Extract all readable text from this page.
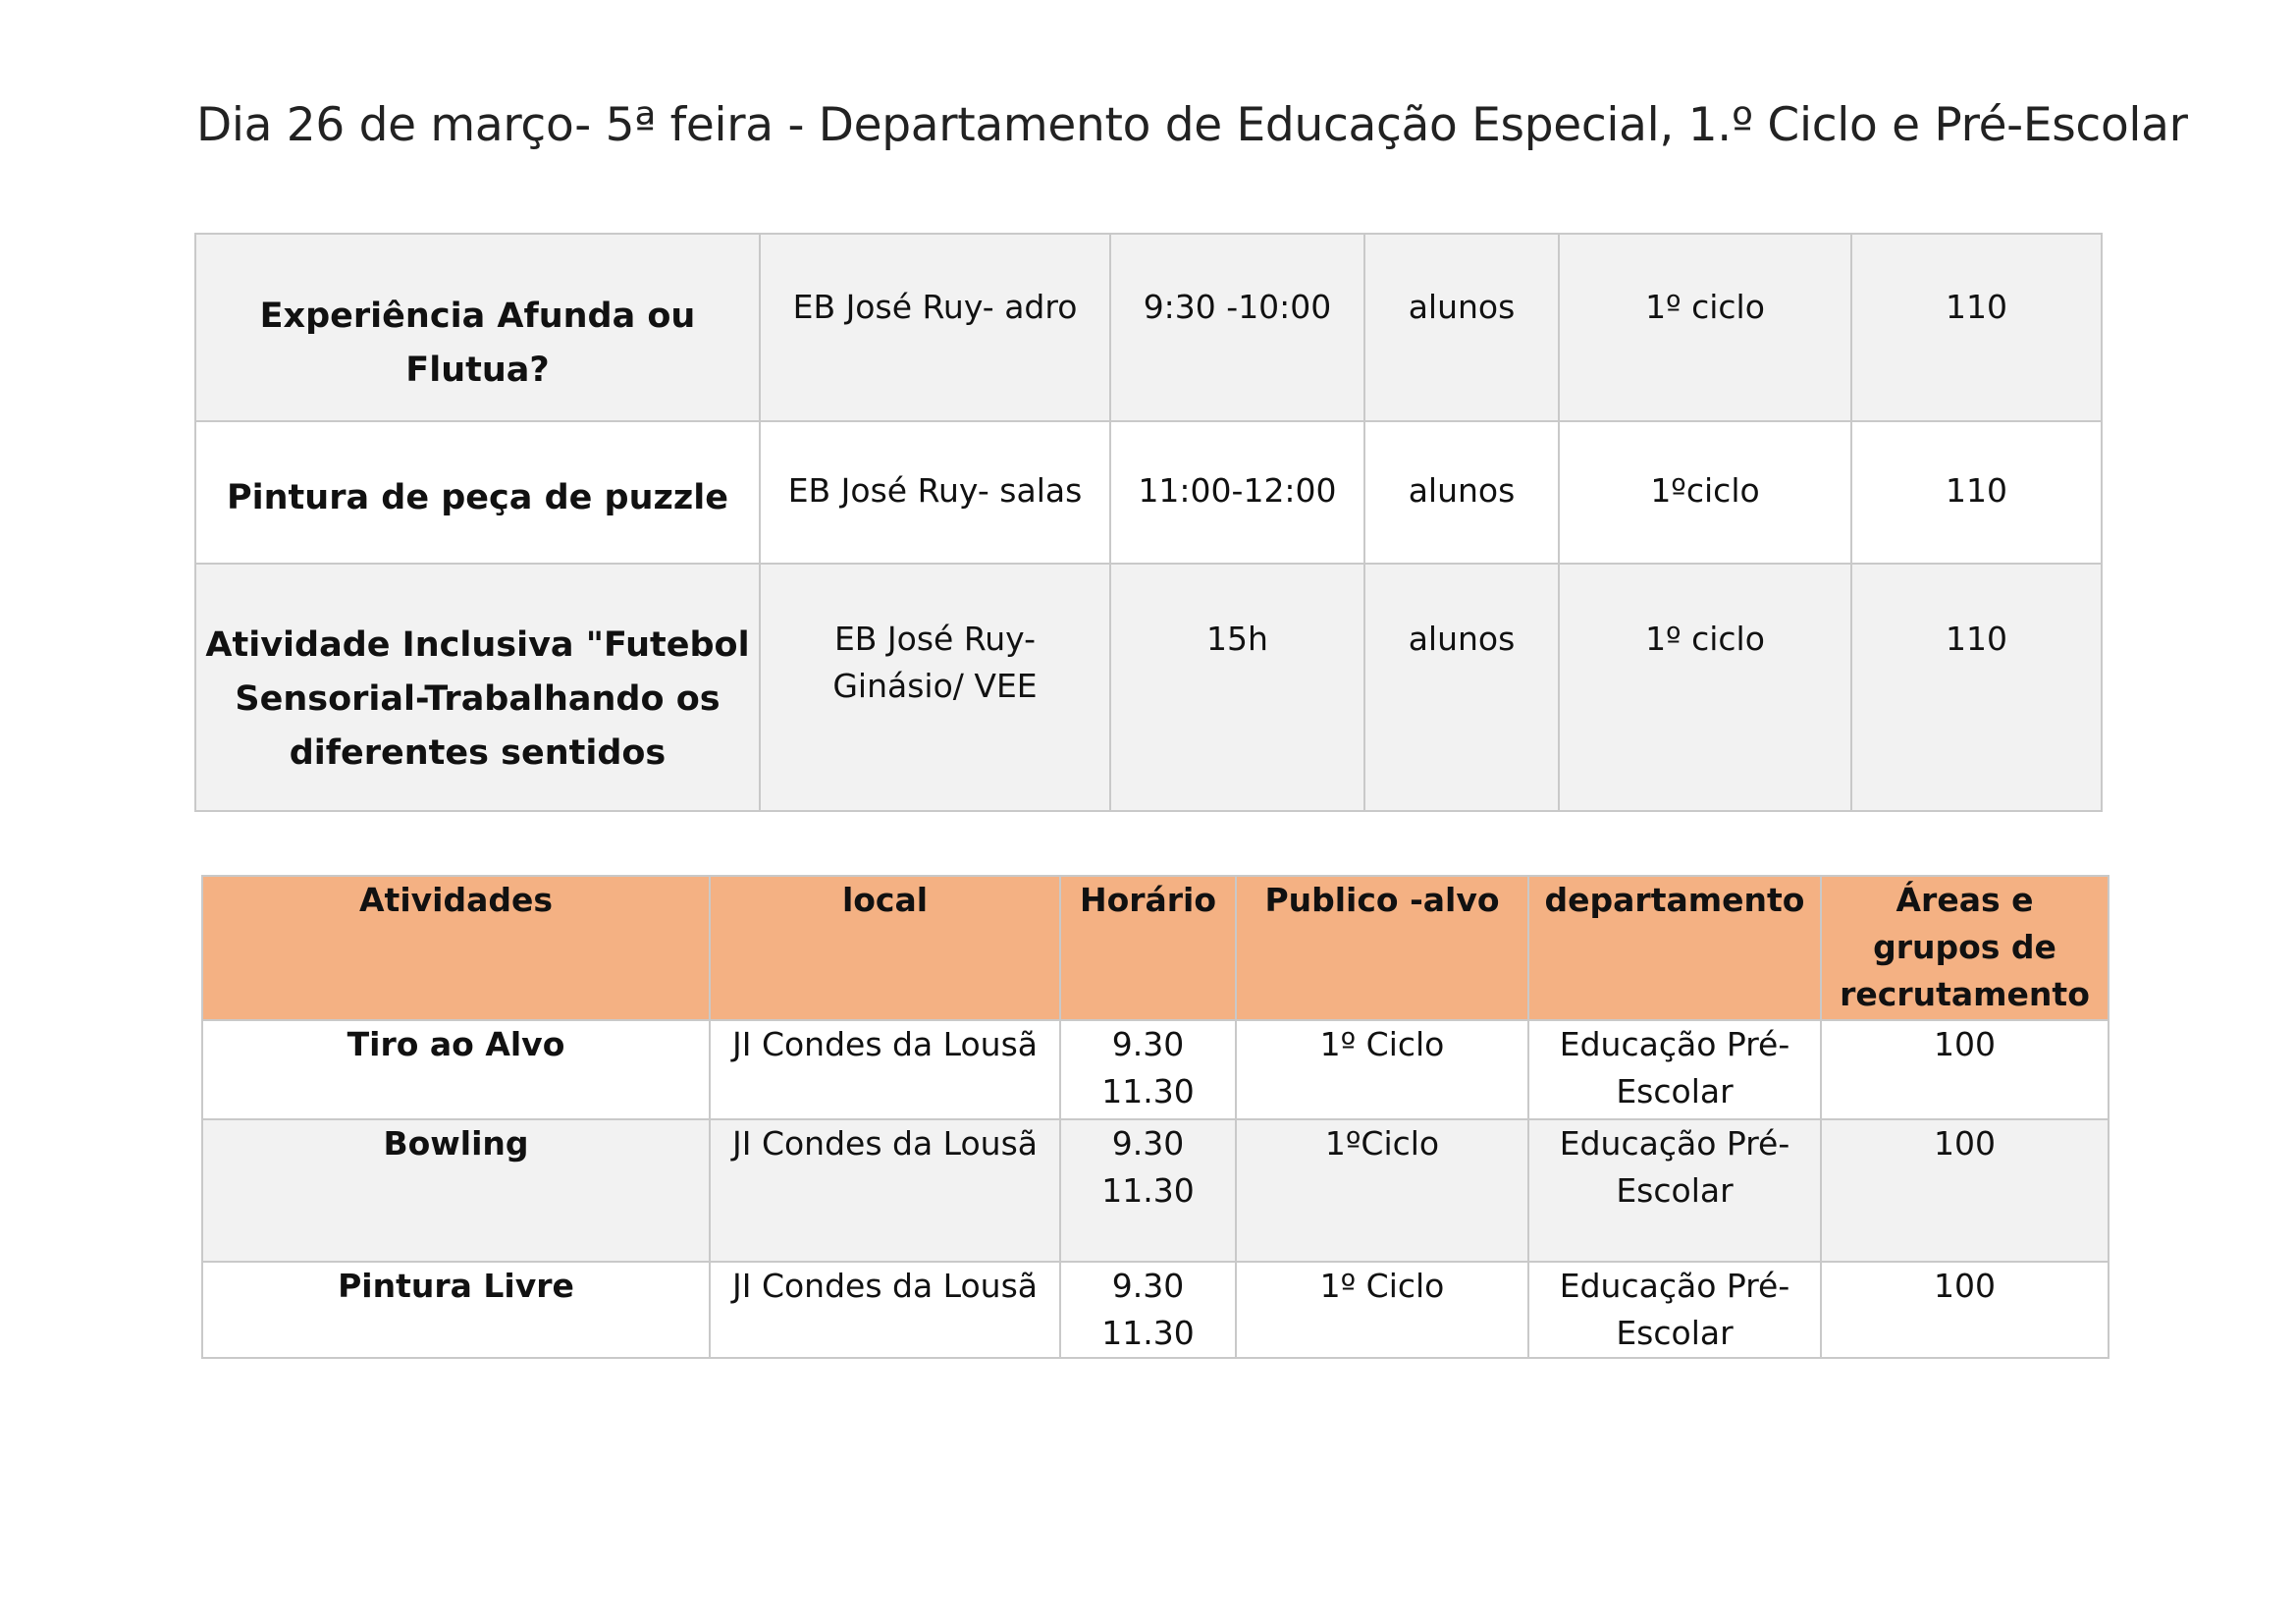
Dia 26 de março- 5ª feira - Departamento de Educação Especial, 1.º Ciclo e Pré-Escolar
Experiência Afunda ou Flutua?	EB José Ruy- adro	9:30 -10:00	alunos	1º ciclo	110
Pintura de peça de puzzle	EB José Ruy- salas	11:00-12:00	alunos	1ºciclo	110
Atividade Inclusiva "Futebol Sensorial-Trabalhando os diferentes sentidos	EB José Ruy- Ginásio/ VEE	15h	alunos	1º ciclo	110
Atividades	local	Horário	Publico -alvo	departamento	Áreas e grupos de recrutamento
Tiro ao Alvo	JI Condes da Lousã	9.30 11.30	1º Ciclo	Educação Pré-Escolar	100
Bowling	JI Condes da Lousã	9.30 11.30	1ºCiclo	Educação Pré-Escolar	100
Pintura Livre	JI Condes da Lousã	9.30 11.30	1º Ciclo	Educação Pré-Escolar	100
